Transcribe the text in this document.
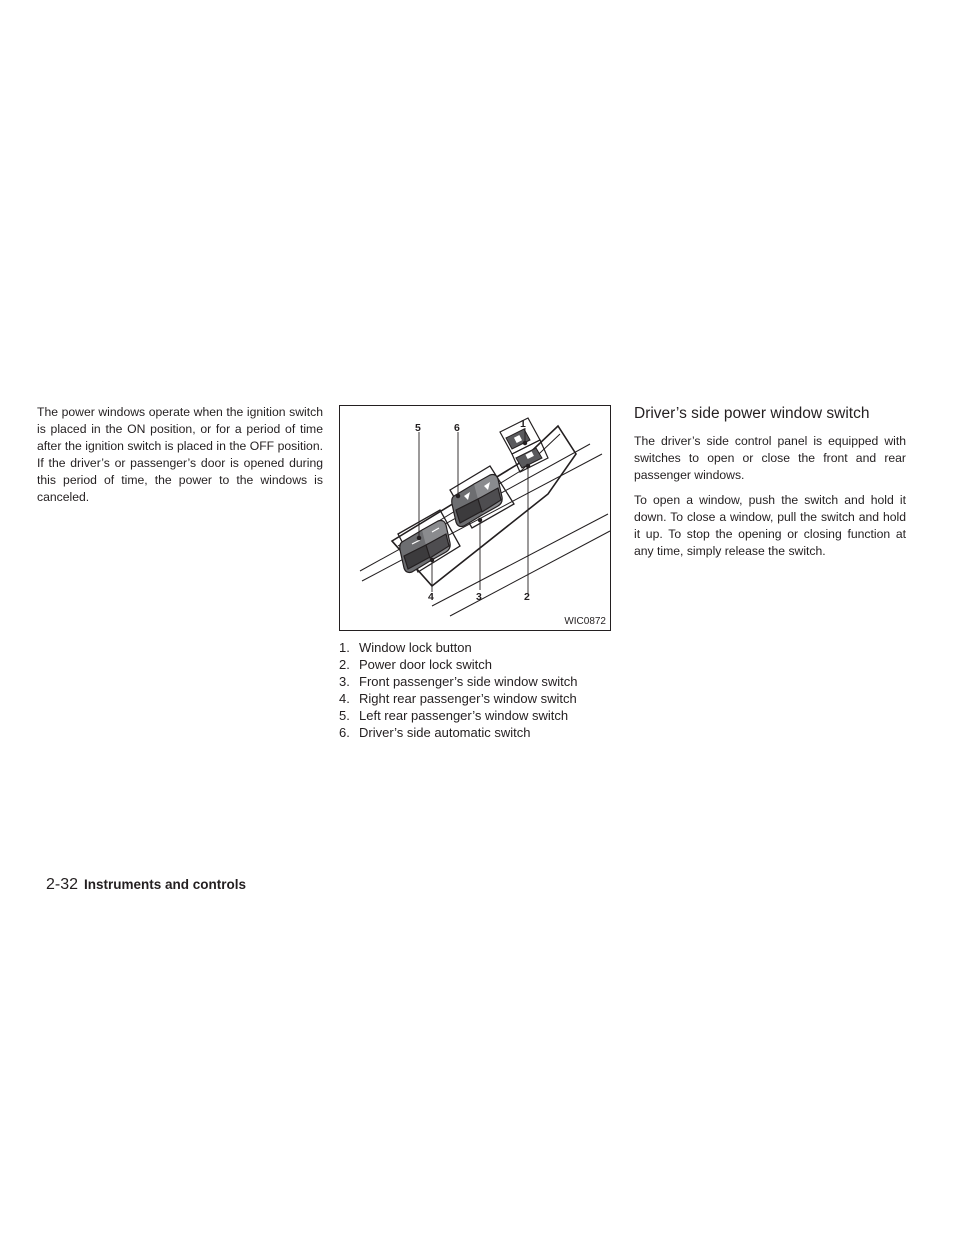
The power windows operate when the ignition switch is placed in the ON position, or for a period of time after the ignition switch is placed in the OFF position. If the driver’s or passenger’s door is opened during this period of time, the power to the windows is canceled.

5	6	1
4	3	2
WIC0872
1. Window lock button
2. Power door lock switch
3. Front passenger’s side window switch
4. Right rear passenger’s window switch
5. Left rear passenger’s window switch
6. Driver’s side automatic switch
Driver’s side power window switch

The driver’s side control panel is equipped with switches to open or close the front and rear passenger windows.

To open a window, push the switch and hold it down. To close a window, pull the switch and hold it up. To stop the opening or closing function at any time, simply release the switch.

2-32 Instruments and controls
